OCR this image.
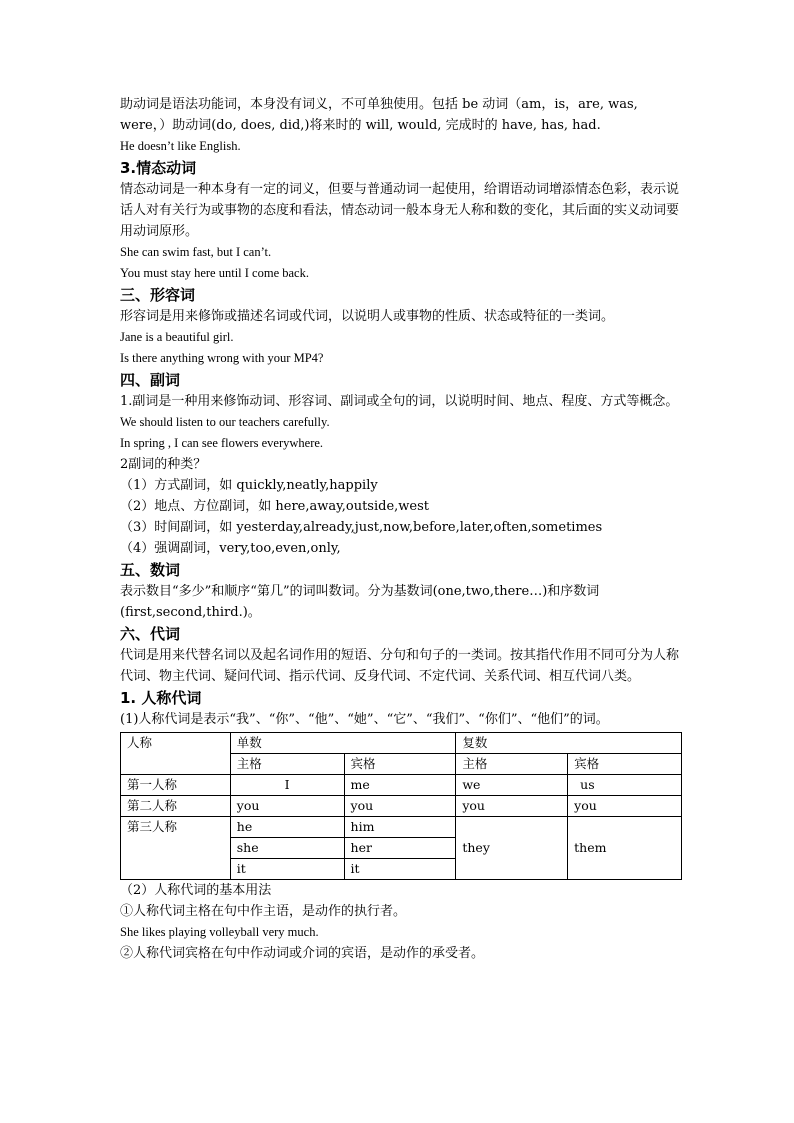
助动词是语法功能词，本身没有词义，不可单独使用。包括 be 动词（am，is，are, was, were，）助动词(do, does, did,)将来时的 will, would, 完成时的 have, has, had.

He doesn’t like English.

3.情态动词

情态动词是一种本身有一定的词义，但要与普通动词一起使用，给谓语动词增添情态色彩，表示说话人对有关行为或事物的态度和看法，情态动词一般本身无人称和数的变化，其后面的实义动词要用动词原形。

She can swim fast, but I can’t.

You must stay here until I come back.

三、形容词

形容词是用来修饰或描述名词或代词，以说明人或事物的性质、状态或特征的一类词。

Jane is a beautiful girl.

Is there anything wrong with your MP4?

四、副词

1.副词是一种用来修饰动词、形容词、副词或全句的词，以说明时间、地点、程度、方式等概念。

We should listen to our teachers carefully.

In spring , I can see flowers everywhere.

2副词的种类？

（1）方式副词，如 quickly,neatly,happily

（2）地点、方位副词，如 here,away,outside,west

（3）时间副词，如 yesterday,already,just,now,before,later,often,sometimes

（4）强调副词，very,too,even,only,

五、数词

表示数目“多少”和顺序“第几”的词叫数词。分为基数词(one,two,there…)和序数词(first,second,third.)。

六、代词

代词是用来代替名词以及起名词作用的短语、分句和句子的一类词。按其指代作用不同可分为人称代词、物主代词、疑问代词、指示代词、反身代词、不定代词、关系代词、相互代词八类。

1. 人称代词

(1)人称代词是表示“我”、“你”、“他”、“她”、“它”、“我们”、“你们”、“他们”的词。

人称	单数		复数	
	主格	宾格	主格	宾格
第一人称	I	me	we	us
第二人称	you	you	you	you
第三人称	he	him	they	them
	she	her		
	it	it		

（2）人称代词的基本用法

①人称代词主格在句中作主语，是动作的执行者。

She likes playing volleyball very much.

②人称代词宾格在句中作动词或介词的宾语，是动作的承受者。
